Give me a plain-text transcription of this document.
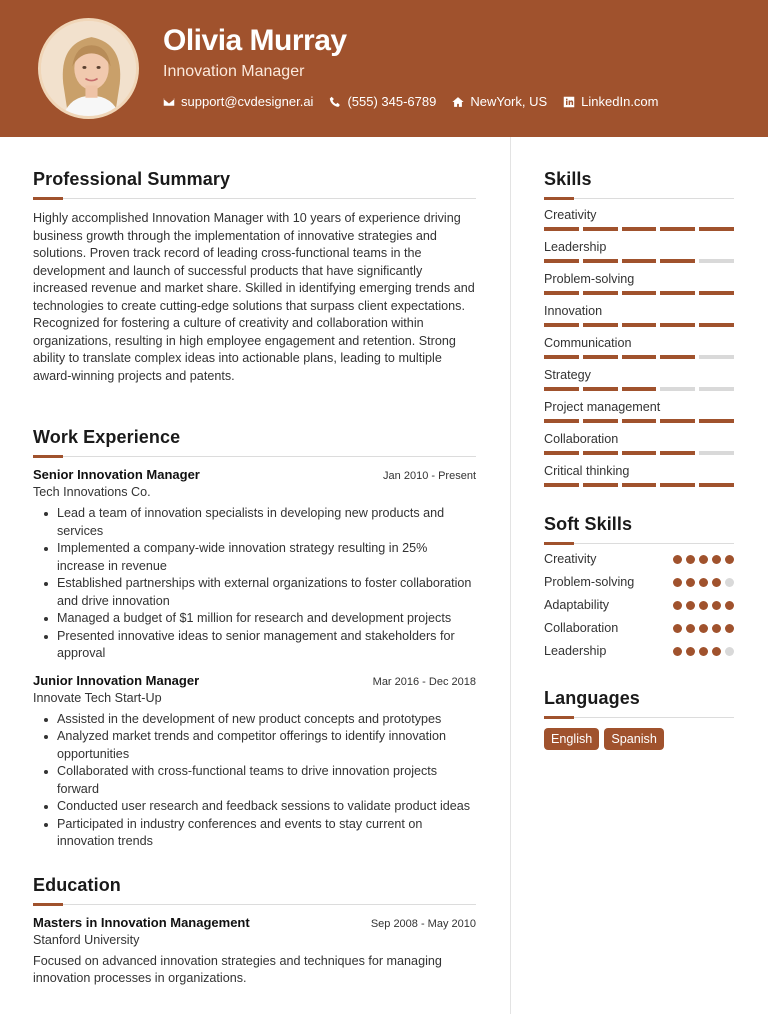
Olivia Murray
Innovation Manager
support@cvdesigner.ai	(555) 345-6789	NewYork, US	LinkedIn.com
Professional Summary

Highly accomplished Innovation Manager with 10 years of experience driving business growth through the implementation of innovative strategies and solutions. Proven track record of leading cross-functional teams in the development and launch of successful products that have significantly increased revenue and market share. Skilled in identifying emerging trends and technologies to create cutting-edge solutions that surpass client expectations. Recognized for fostering a culture of creativity and collaboration within organizations, resulting in high employee engagement and retention. Strong ability to translate complex ideas into actionable plans, leading to multiple award-winning projects and patents.

Work Experience
Senior Innovation Manager	Jan 2010 - Present
Tech Innovations Co.
Lead a team of innovation specialists in developing new products and services
Implemented a company-wide innovation strategy resulting in 25% increase in revenue
Established partnerships with external organizations to foster collaboration and drive innovation
Managed a budget of $1 million for research and development projects
Presented innovative ideas to senior management and stakeholders for approval
Junior Innovation Manager	Mar 2016 - Dec 2018
Innovate Tech Start-Up
Assisted in the development of new product concepts and prototypes
Analyzed market trends and competitor offerings to identify innovation opportunities
Collaborated with cross-functional teams to drive innovation projects forward
Conducted user research and feedback sessions to validate product ideas
Participated in industry conferences and events to stay current on innovation trends
Education
Masters in Innovation Management	Sep 2008 - May 2010
Stanford University

Focused on advanced innovation strategies and techniques for managing innovation processes in organizations.

Skills
Creativity
Leadership
Problem-solving
Innovation
Communication
Strategy
Project management
Collaboration
Critical thinking
Soft Skills
Creativity
Problem-solving
Adaptability
Collaboration
Leadership
Languages
English	Spanish
